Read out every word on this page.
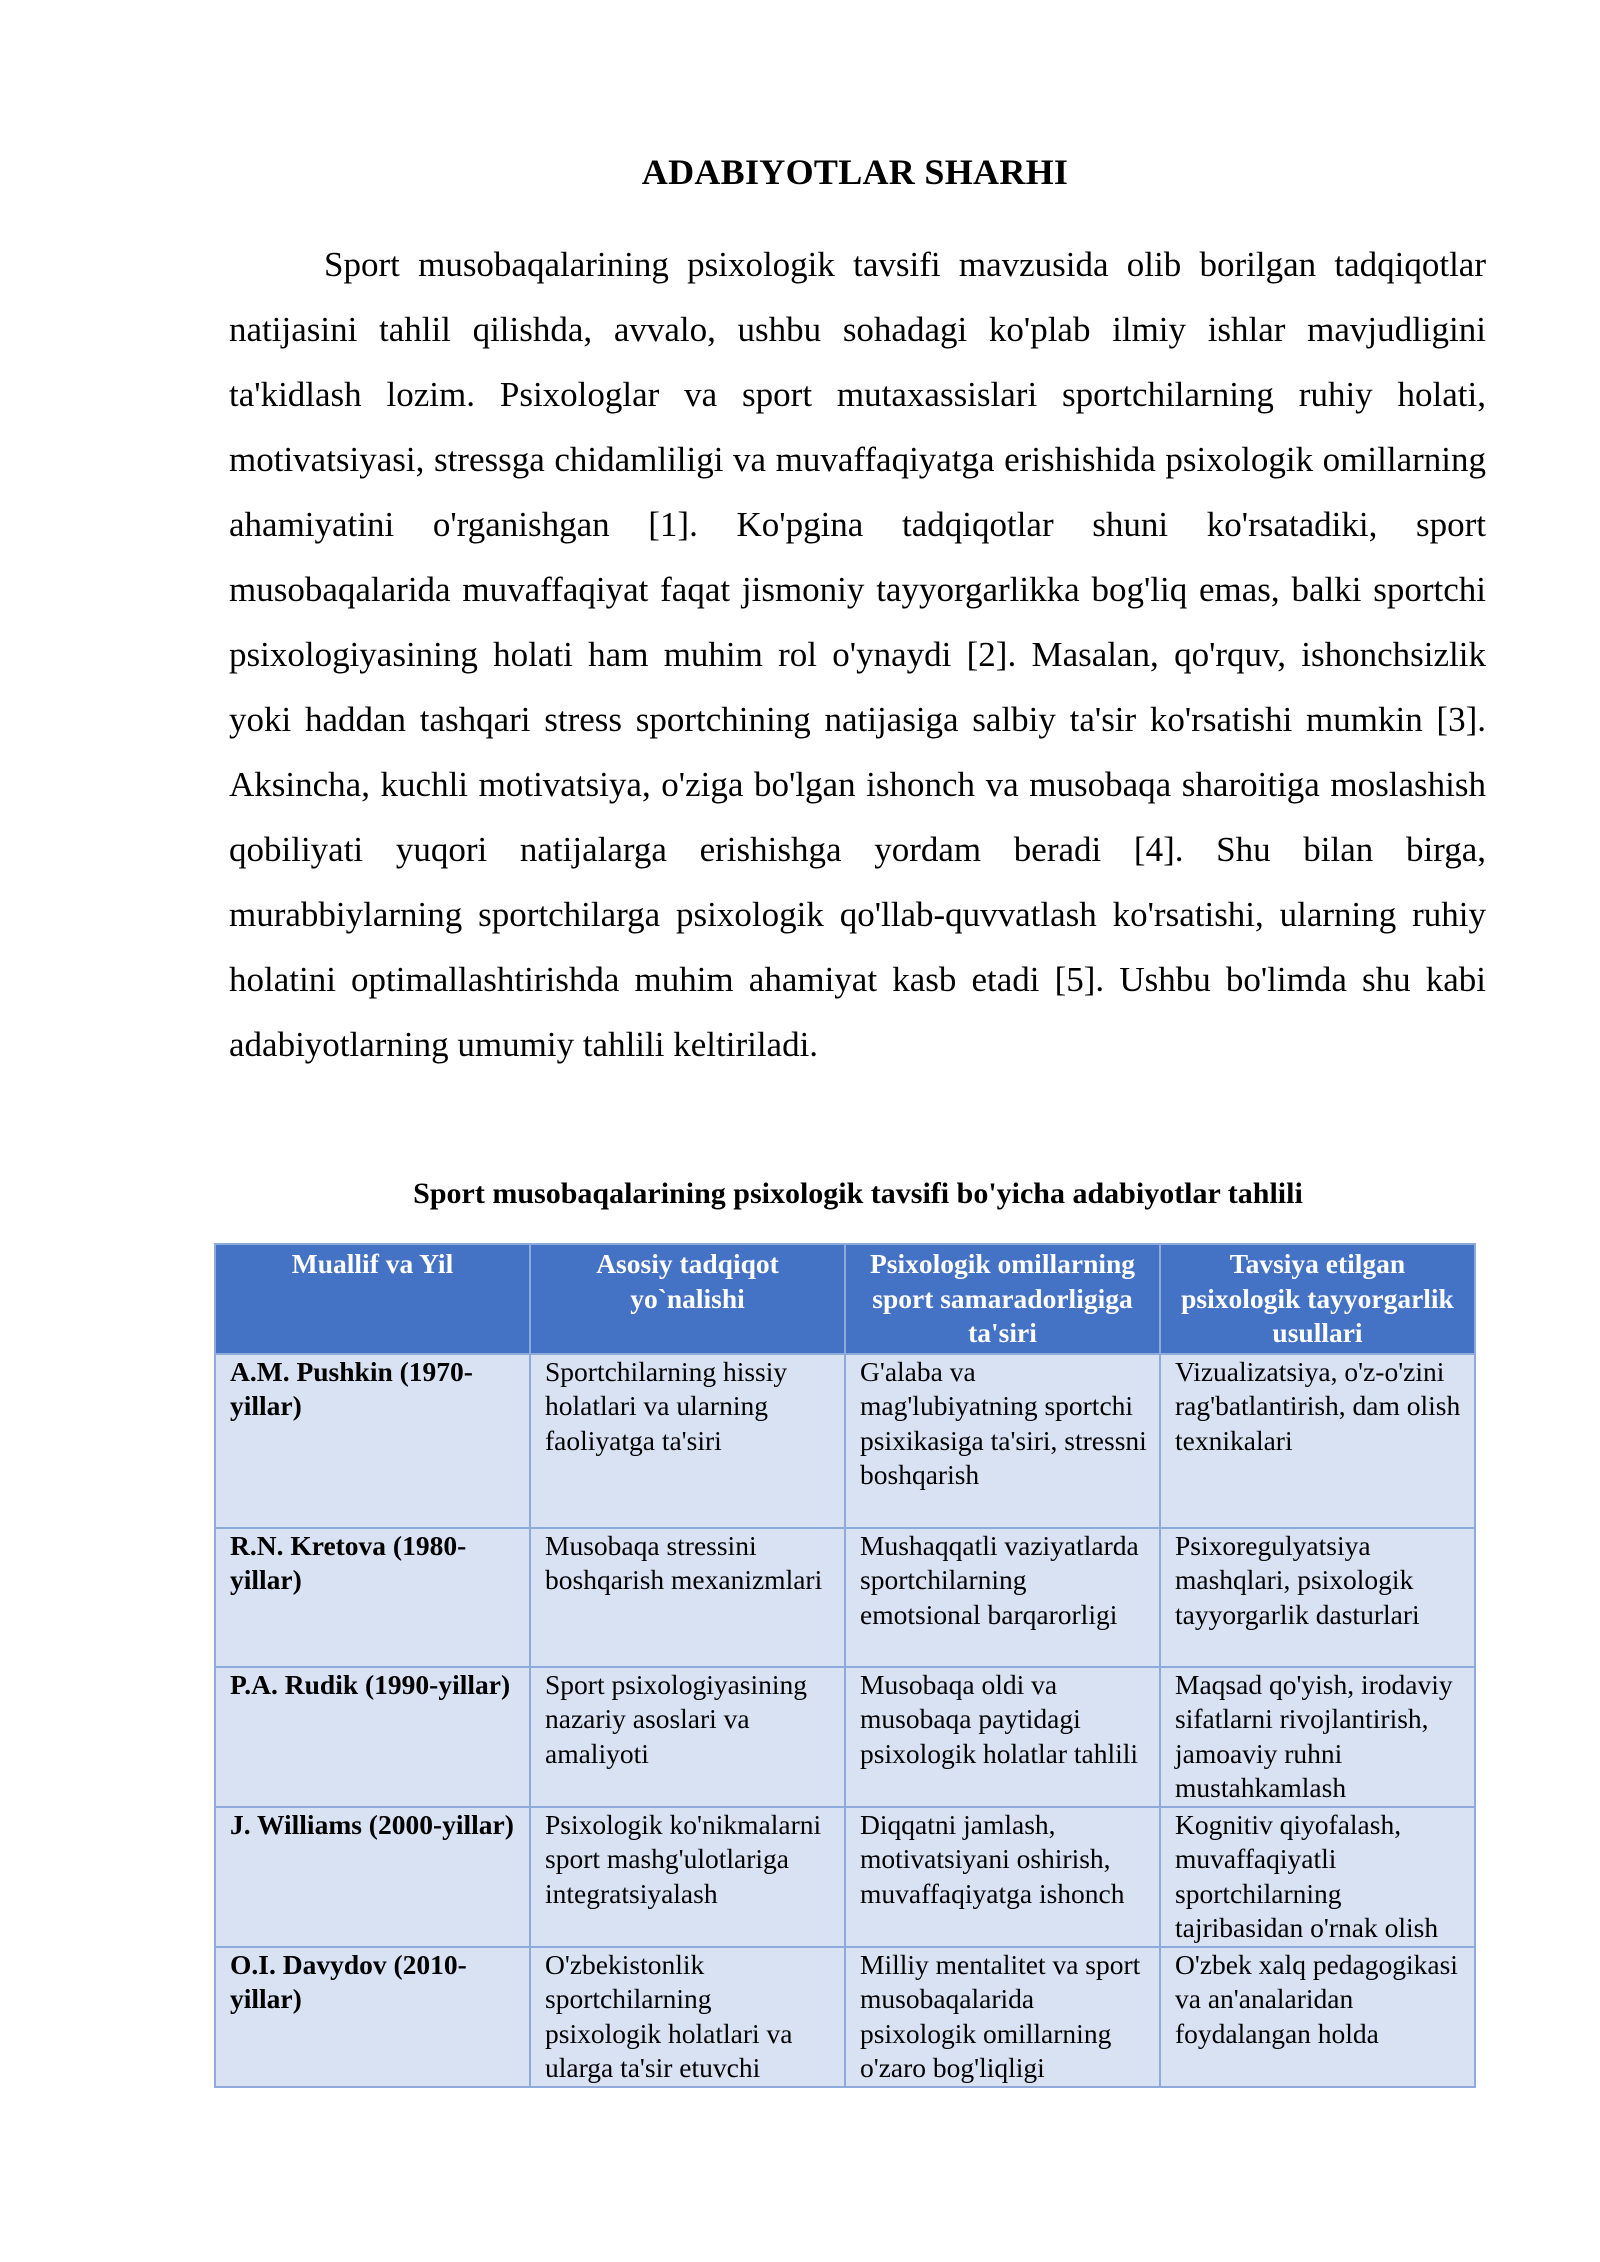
ADABIYOTLAR SHARHI

Sport musobaqalarining psixologik tavsifi mavzusida olib borilgan tadqiqotlar natijasini tahlil qilishda, avvalo, ushbu sohadagi ko'plab ilmiy ishlar mavjudligini ta'kidlash lozim. Psixologlar va sport mutaxassislari sportchilarning ruhiy holati, motivatsiyasi, stressga chidamliligi va muvaffaqiyatga erishishida psixologik omillarning ahamiyatini o'rganishgan [1]. Ko'pgina tadqiqotlar shuni ko'rsatadiki, sport musobaqalarida muvaffaqiyat faqat jismoniy tayyorgarlikka bog'liq emas, balki sportchi psixologiyasining holati ham muhim rol o'ynaydi [2]. Masalan, qo'rquv, ishonchsizlik yoki haddan tashqari stress sportchining natijasiga salbiy ta'sir ko'rsatishi mumkin [3]. Aksincha, kuchli motivatsiya, o'ziga bo'lgan ishonch va musobaqa sharoitiga moslashish qobiliyati yuqori natijalarga erishishga yordam beradi [4]. Shu bilan birga, murabbiylarning sportchilarga psixologik qo'llab-quvvatlash ko'rsatishi, ularning ruhiy holatini optimallashtirishda muhim ahamiyat kasb etadi [5]. Ushbu bo'limda shu kabi adabiyotlarning umumiy tahlili keltiriladi.

Sport musobaqalarining psixologik tavsifi bo'yicha adabiyotlar tahlili
Muallif va Yil	Asosiy tadqiqot yo`nalishi	Psixologik omillarning sport samaradorligiga ta'siri	Tavsiya etilgan psixologik tayyorgarlik usullari
A.M. Pushkin (1970-yillar)	Sportchilarning hissiy holatlari va ularning faoliyatga ta'siri	G'alaba va mag'lubiyatning sportchi psixikasiga ta'siri, stressni boshqarish	Vizualizatsiya, o'z-o'zini rag'batlantirish, dam olish texnikalari
R.N. Kretova (1980-yillar)	Musobaqa stressini boshqarish mexanizmlari	Mushaqqatli vaziyatlarda sportchilarning emotsional barqarorligi	Psixoregulyatsiya mashqlari, psixologik tayyorgarlik dasturlari
P.A. Rudik (1990-yillar)	Sport psixologiyasining nazariy asoslari va amaliyoti	Musobaqa oldi va musobaqa paytidagi psixologik holatlar tahlili	Maqsad qo'yish, irodaviy sifatlarni rivojlantirish, jamoaviy ruhni mustahkamlash
J. Williams (2000-yillar)	Psixologik ko'nikmalarni sport mashg'ulotlariga integratsiyalash	Diqqatni jamlash, motivatsiyani oshirish, muvaffaqiyatga ishonch	Kognitiv qiyofalash, muvaffaqiyatli sportchilarning tajribasidan o'rnak olish
O.I. Davydov (2010-yillar)	O'zbekistonlik sportchilarning psixologik holatlari va ularga ta'sir etuvchi	Milliy mentalitet va sport musobaqalarida psixologik omillarning o'zaro bog'liqligi	O'zbek xalq pedagogikasi va an'analaridan foydalangan holda
